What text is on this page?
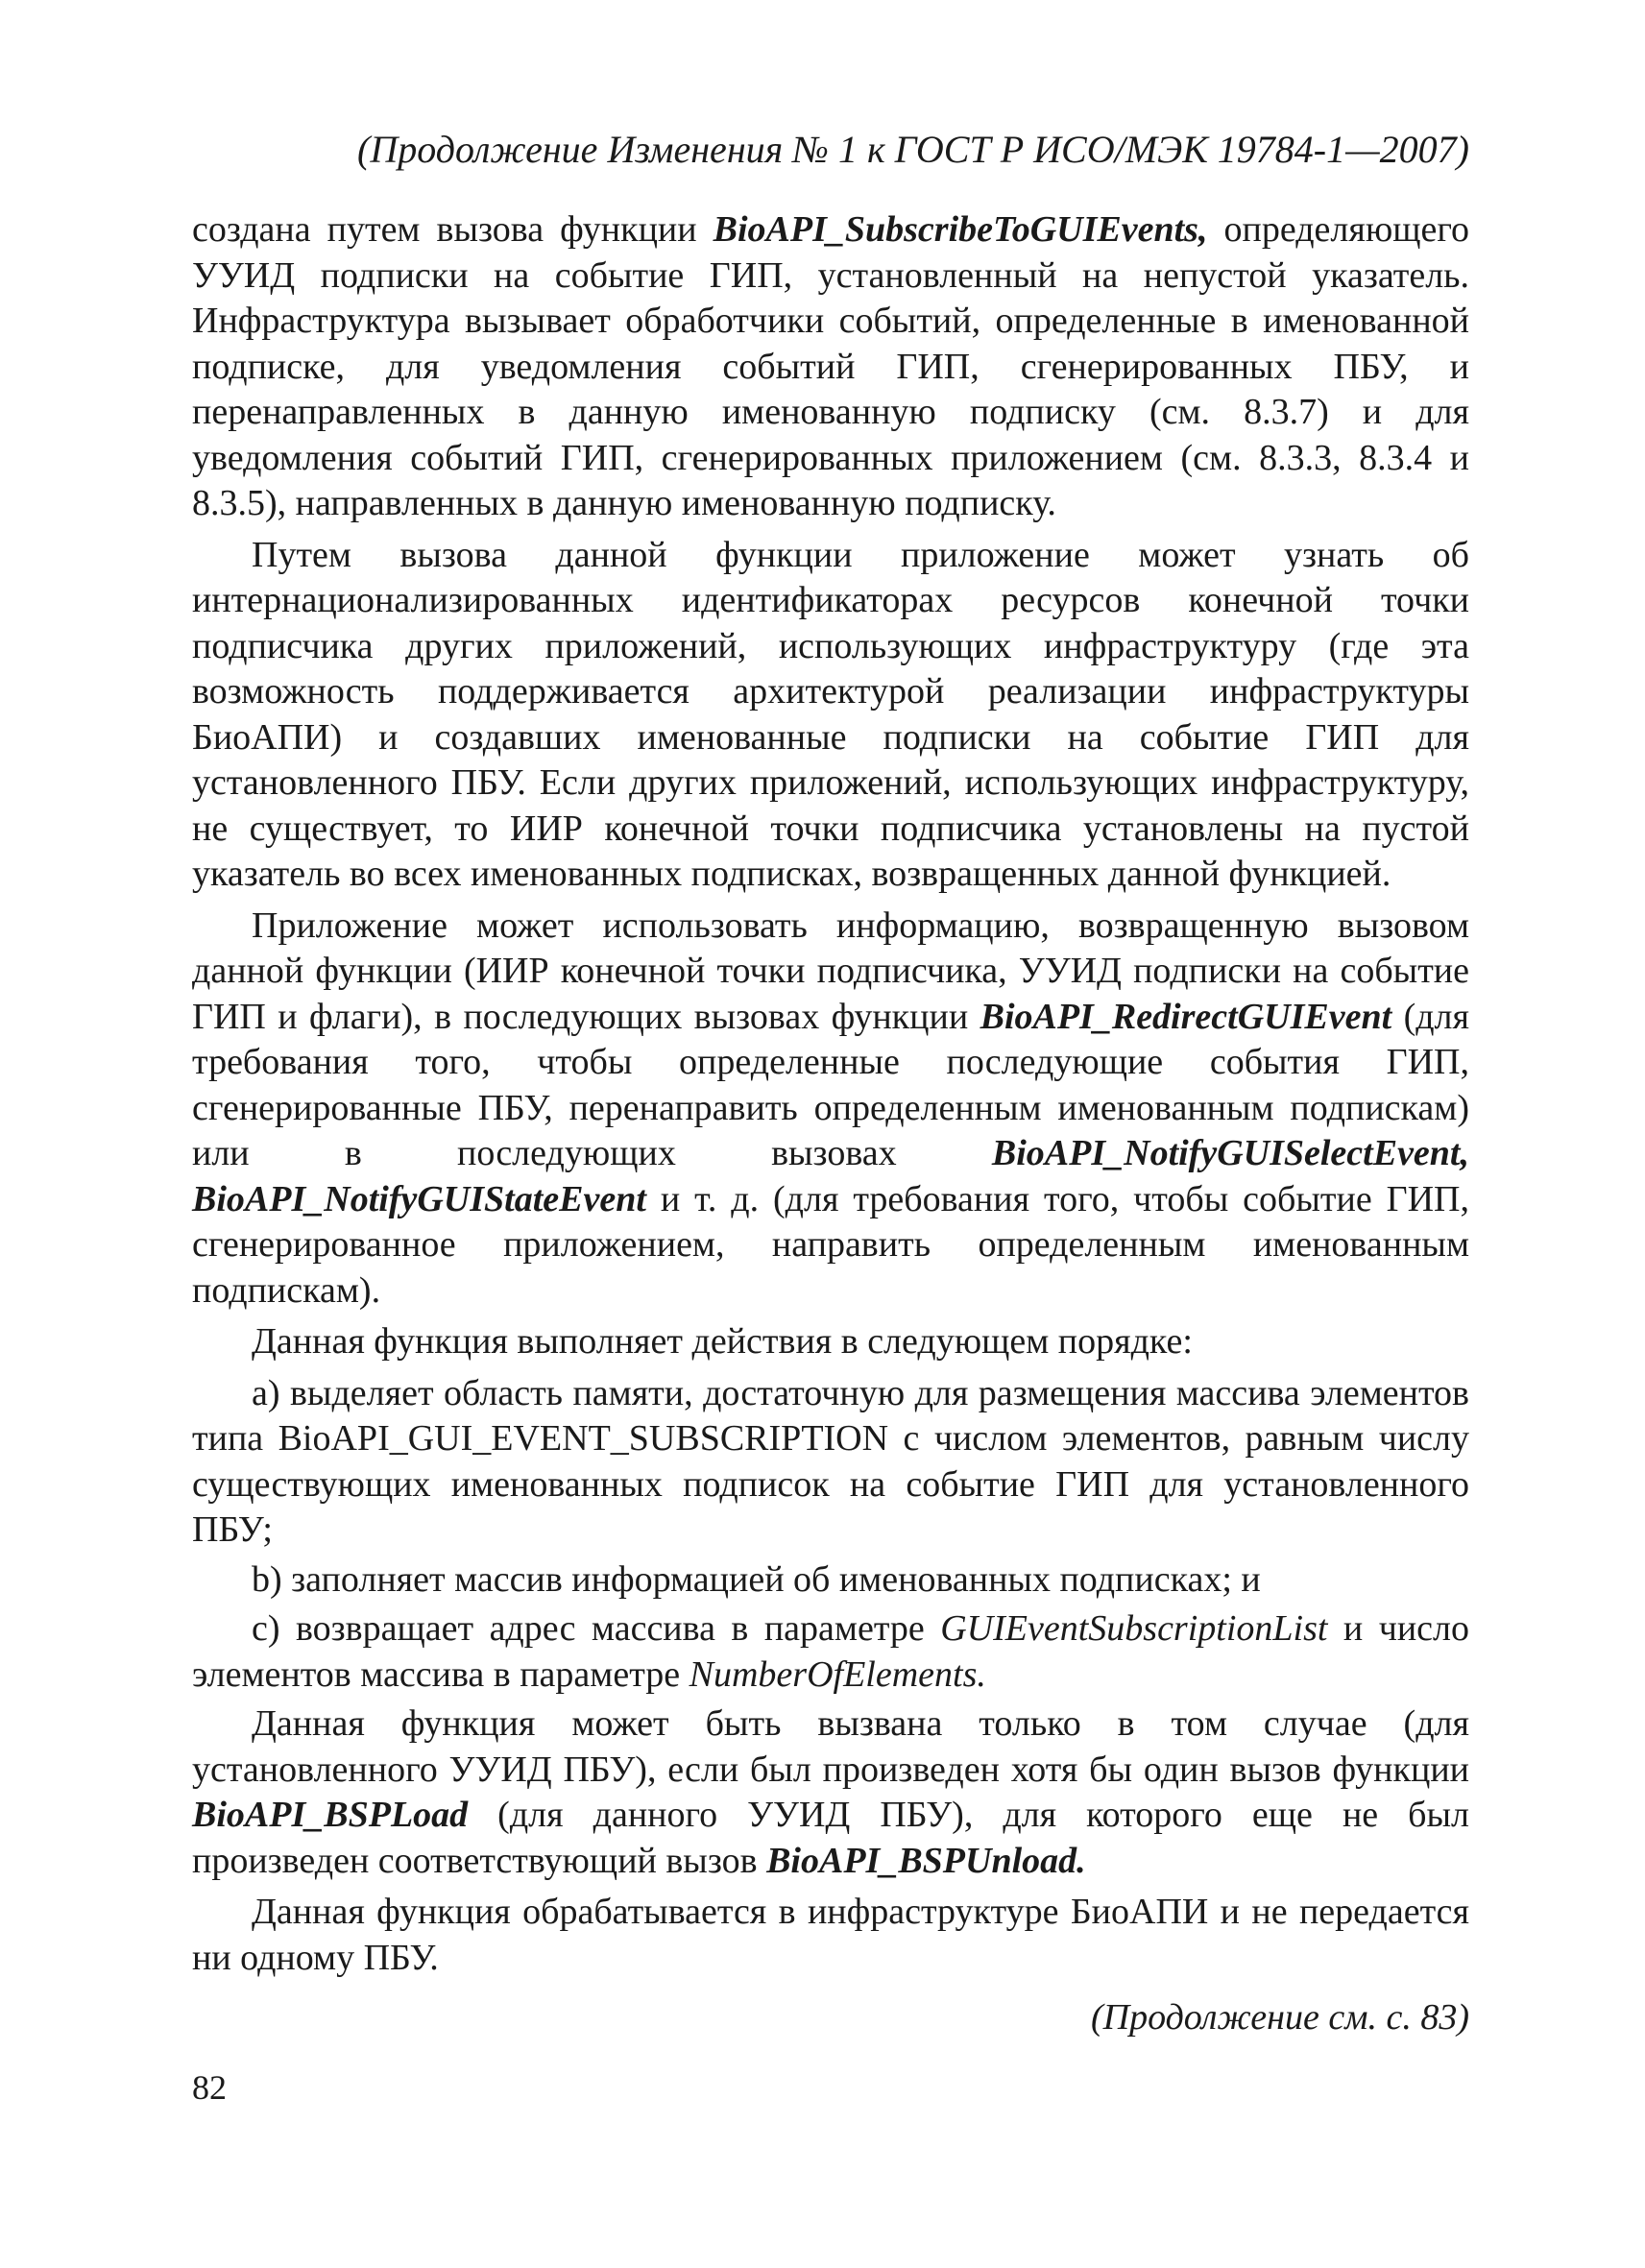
(Продолжение Изменения № 1 к ГОСТ Р ИСО/МЭК 19784-1—2007)

создана путем вызова функции BioAPI_SubscribeToGUIEvents, определяющего УУИД подписки на событие ГИП, установленный на непустой указатель. Инфраструктура вызывает обработчики событий, определенные в именованной подписке, для уведомления событий ГИП, сгенерированных ПБУ, и перенаправленных в данную именованную подписку (см. 8.3.7) и для уведомления событий ГИП, сгенерированных приложением (см. 8.3.3, 8.3.4 и 8.3.5), направленных в данную именованную подписку.

Путем вызова данной функции приложение может узнать об интернационализированных идентификаторах ресурсов конечной точки подписчика других приложений, использующих инфраструктуру (где эта возможность поддерживается архитектурой реализации инфраструктуры БиоАПИ) и создавших именованные подписки на событие ГИП для установленного ПБУ. Если других приложений, использующих инфраструктуру, не существует, то ИИР конечной точки подписчика установлены на пустой указатель во всех именованных подписках, возвращенных данной функцией.

Приложение может использовать информацию, возвращенную вызовом данной функции (ИИР конечной точки подписчика, УУИД подписки на событие ГИП и флаги), в последующих вызовах функции BioAPI_RedirectGUIEvent (для требования того, чтобы определенные последующие события ГИП, сгенерированные ПБУ, перенаправить определенным именованным подпискам) или в последующих вызовах BioAPI_NotifyGUISelectEvent, BioAPI_NotifyGUIStateEvent и т. д. (для требования того, чтобы событие ГИП, сгенерированное приложением, направить определенным именованным подпискам).

Данная функция выполняет действия в следующем порядке:

а) выделяет область памяти, достаточную для размещения массива элементов типа BioAPI_GUI_EVENT_SUBSCRIPTION с числом элементов, равным числу существующих именованных подписок на событие ГИП для установленного ПБУ;

b) заполняет массив информацией об именованных подписках; и

с) возвращает адрес массива в параметре GUIEventSubscriptionList и число элементов массива в параметре NumberOfElements.

Данная функция может быть вызвана только в том случае (для установленного УУИД ПБУ), если был произведен хотя бы один вызов функции BioAPI_BSPLoad (для данного УУИД ПБУ), для которого еще не был произведен соответствующий вызов BioAPI_BSPUnload.

Данная функция обрабатывается в инфраструктуре БиоАПИ и не передается ни одному ПБУ.

(Продолжение см. с. 83)
82
